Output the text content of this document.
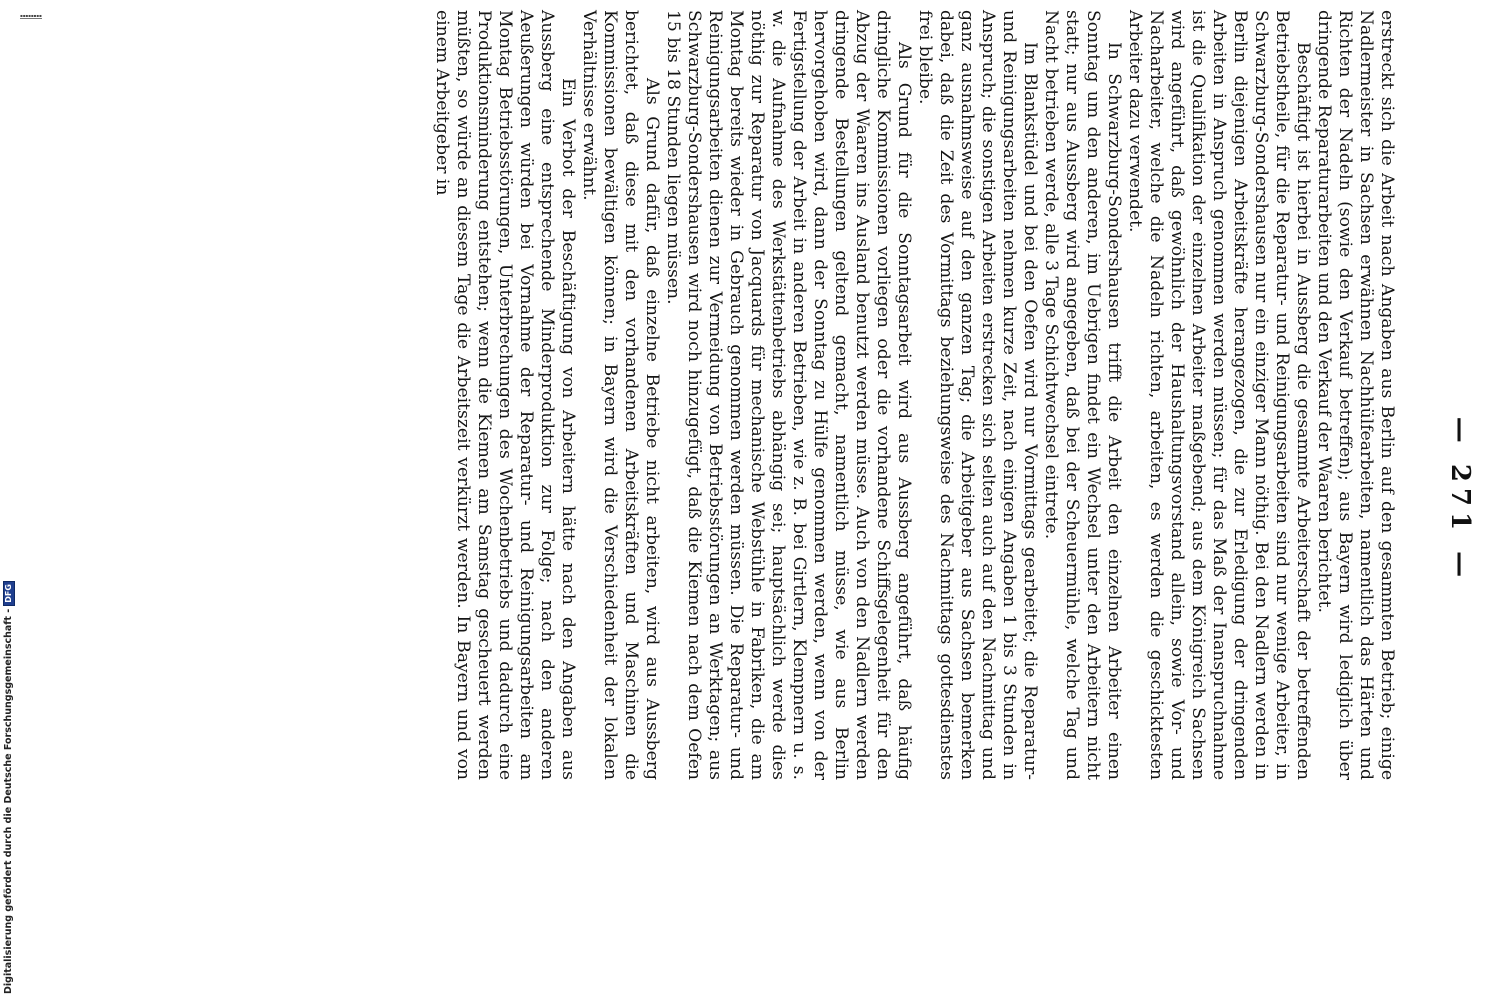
▪▪▪▪▪▪▪▪
— 271 —

erstreckt sich die Arbeit nach Angaben aus Berlin auf den gesammten Betrieb; einige Nadlermeister in Sachsen erwähnen Nachhülfearbeiten, namentlich das Härten und Richten der Nadeln (sowie den Verkauf betreffen); aus Bayern wird lediglich über dringende Reparaturarbeiten und den Verkauf der Waaren berichtet.

Beschäftigt ist hierbei in Aussberg die gesammte Arbeiterschaft der betreffenden Betriebstheile, für die Reparatur- und Reinigungsarbeiten sind nur wenige Arbeiter, in Schwarzburg-Sondershausen nur ein einziger Mann nöthig. Bei den Nadlern werden in Berlin diejenigen Arbeitskräfte herangezogen, die zur Erledigung der dringenden Arbeiten in Anspruch genommen werden müssen; für das Maß der Inanspruchnahme ist die Qualifikation der einzelnen Arbeiter maßgebend; aus dem Königreich Sachsen wird angeführt, daß gewöhnlich der Haushaltungsvorstand allein, sowie Vor- und Nacharbeiter, welche die Nadeln richten, arbeiten, es werden die geschicktesten Arbeiter dazu verwendet.

In Schwarzburg-Sondershausen trifft die Arbeit den einzelnen Arbeiter einen Sonntag um den anderen, im Uebrigen findet ein Wechsel unter den Arbeitern nicht statt; nur aus Aussberg wird angegeben, daß bei der Scheuermühle, welche Tag und Nacht betrieben werde, alle 3 Tage Schichtwechsel eintrete.

Im Blankstüdel und bei den Oefen wird nur Vormittags gearbeitet; die Reparatur- und Reinigungsarbeiten nehmen kurze Zeit, nach einigen Angaben 1 bis 3 Stunden in Anspruch; die sonstigen Arbeiten erstrecken sich selten auch auf den Nachmittag und ganz ausnahmsweise auf den ganzen Tag; die Arbeitgeber aus Sachsen bemerken dabei, daß die Zeit des Vormittags beziehungsweise des Nachmittags gottesdienstes frei bleibe.

Als Grund für die Sonntagsarbeit wird aus Aussberg angeführt, daß häufig dringliche Kommissionen vorliegen oder die vorhandene Schiffsgelegenheit für den Abzug der Waaren ins Ausland benutzt werden müsse. Auch von den Nadlern werden dringende Bestellungen geltend gemacht, namentlich müsse, wie aus Berlin hervorgehoben wird, dann der Sonntag zu Hülfe genommen werden, wenn von der Fertigstellung der Arbeit in anderen Betrieben, wie z. B. bei Girtlern, Klempnern u. s. w. die Aufnahme des Werkstättenbetriebs abhängig sei; hauptsächlich werde dies nöthig zur Reparatur von Jacquards für mechanische Webstühle in Fabriken, die am Montag bereits wieder in Gebrauch genommen werden müssen. Die Reparatur- und Reinigungsarbeiten dienen zur Vermeidung von Betriebsstörungen an Werktagen; aus Schwarzburg-Sondershausen wird noch hinzugefügt, daß die Kiemen nach dem Oefen 15 bis 18 Stunden liegen müssen.

Als Grund dafür, daß einzelne Betriebe nicht arbeiten, wird aus Aussberg berichtet, daß diese mit den vorhandenen Arbeitskräften und Maschinen die Kommissionen bewältigen können; in Bayern wird die Verschiedenheit der lokalen Verhältnisse erwähnt.

Ein Verbot der Beschäftigung von Arbeitern hätte nach den Angaben aus Aussberg eine entsprechende Minderproduktion zur Folge; nach den anderen Aeußerungen würden bei Vornahme der Reparatur- und Reinigungsarbeiten am Montag Betriebsstörungen, Unterbrechungen des Wochenbetriebs und dadurch eine Produktionsminderung entstehen; wenn die Kiemen am Samstag gescheuert werden müßten, so würde an diesem Tage die Arbeitszeit verkürzt werden. In Bayern und von einem Arbeitgeber in

Digitalisierung gefördert durch die Deutsche Forschungsgemeinschaft -
DFG
